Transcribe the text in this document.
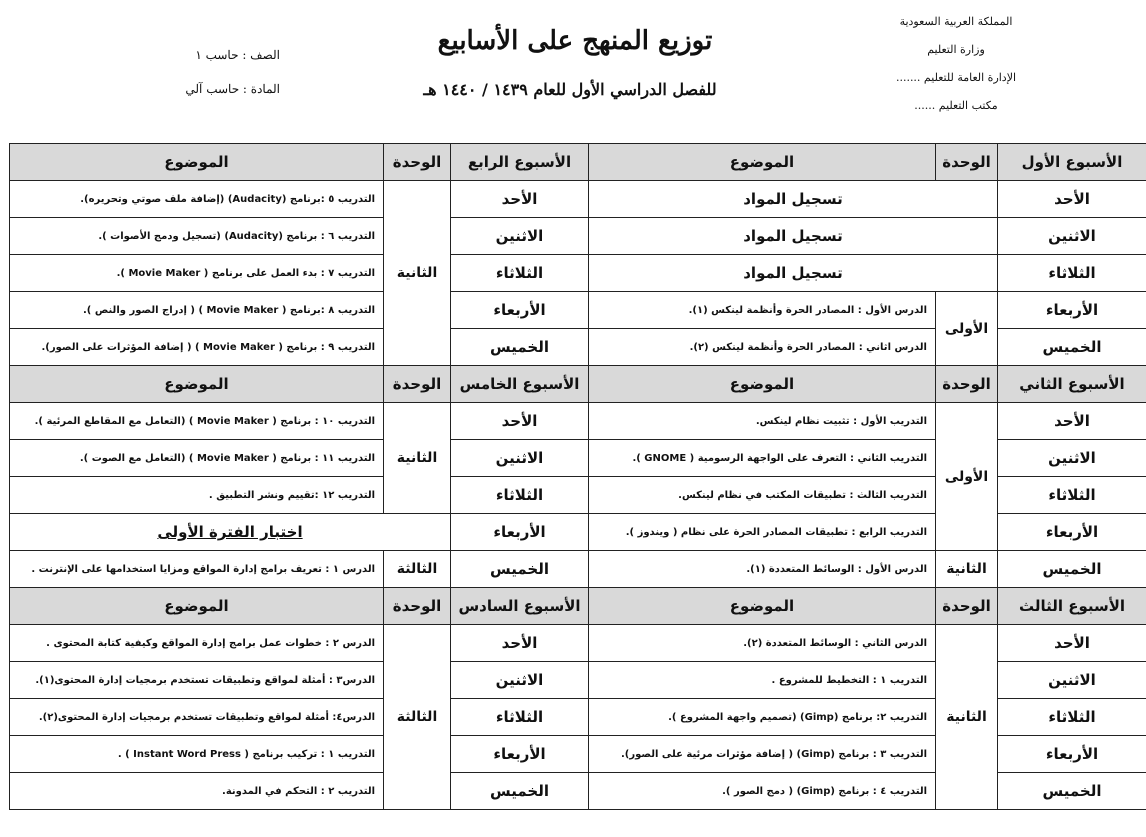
المملكة العربية السعودية
وزارة التعليم
الإدارة العامة للتعليم .......
مكتب التعليم ......
توزيع المنهج على الأسابيع
للفصل الدراسي الأول للعام ١٤٣٩ / ١٤٤٠ هـ
الصف : حاسب ١
المادة : حاسب آلي
الأسبوع الأول	الوحدة	الموضوع	الأسبوع الرابع	الوحدة	الموضوع
الأحد	تسجيل المواد		الأحد	الثانية	التدريب ٥ :برنامج (Audacity) (إضافة ملف صوتي وتحريره).
الاثنين	تسجيل المواد		الاثنين		التدريب ٦ : برنامج (Audacity) (تسجيل ودمج الأصوات ).
الثلاثاء	تسجيل المواد		الثلاثاء		التدريب ٧ : بدء العمل على برنامج ( Movie Maker ).
الأربعاء	الأولى	الدرس الأول : المصادر الحرة وأنظمة لينكس (١).	الأربعاء		التدريب ٨ :برنامج ( Movie Maker ) ( إدراج الصور والنص ).
الخميس		الدرس اثاني : المصادر الحرة وأنظمة لينكس (٢).	الخميس		التدريب ٩ : برنامج ( Movie Maker ) ( إضافة المؤثرات على الصور).
الأسبوع الثاني	الوحدة	الموضوع	الأسبوع الخامس	الوحدة	الموضوع
الأحد	الأولى	التدريب الأول : تثبيت نظام لينكس.	الأحد	الثانية	التدريب ١٠ : برنامج ( Movie Maker ) (التعامل مع المقاطع المرئية ).
الاثنين		التدريب الثاني : التعرف على الواجهة الرسومية ( GNOME ).	الاثنين		التدريب ١١ : برنامج ( Movie Maker ) (التعامل مع الصوت ).
الثلاثاء		التدريب الثالث : تطبيقات المكتب في نظام لينكس.	الثلاثاء		التدريب ١٢ :تقييم ونشر التطبيق .
الأربعاء		التدريب الرابع : تطبيقات المصادر الحرة على نظام ( ويندوز ).	الأربعاء	اختبار الفترة الأولى	
الخميس	الثانية	الدرس الأول : الوسائط المتعددة (١).	الخميس	الثالثة	الدرس ١ : تعريف برامج إدارة المواقع ومزايا استخدامها على الإنترنت .
الأسبوع الثالث	الوحدة	الموضوع	الأسبوع السادس	الوحدة	الموضوع
الأحد	الثانية	الدرس الثاني : الوسائط المتعددة (٢).	الأحد	الثالثة	الدرس ٢ : خطوات عمل برامج إدارة المواقع وكيفية كتابة المحتوى .
الاثنين		التدريب ١ : التخطيط للمشروع .	الاثنين		الدرس٣ : أمثلة لمواقع وتطبيقات تستخدم برمجيات إدارة المحتوى(١).
الثلاثاء		التدريب ٢: برنامج (Gimp) (تصميم واجهة المشروع ).	الثلاثاء		الدرس٤: أمثلة لمواقع وتطبيقات تستخدم برمجيات إدارة المحتوى(٢).
الأربعاء		التدريب ٣ : برنامج (Gimp) ( إضافة مؤثرات مرئية على الصور).	الأربعاء		التدريب ١ : تركيب برنامج ( Instant Word Press ) .
الخميس		التدريب ٤ : برنامج (Gimp) ( دمج الصور ).	الخميس		التدريب ٢ : التحكم في المدونة.
